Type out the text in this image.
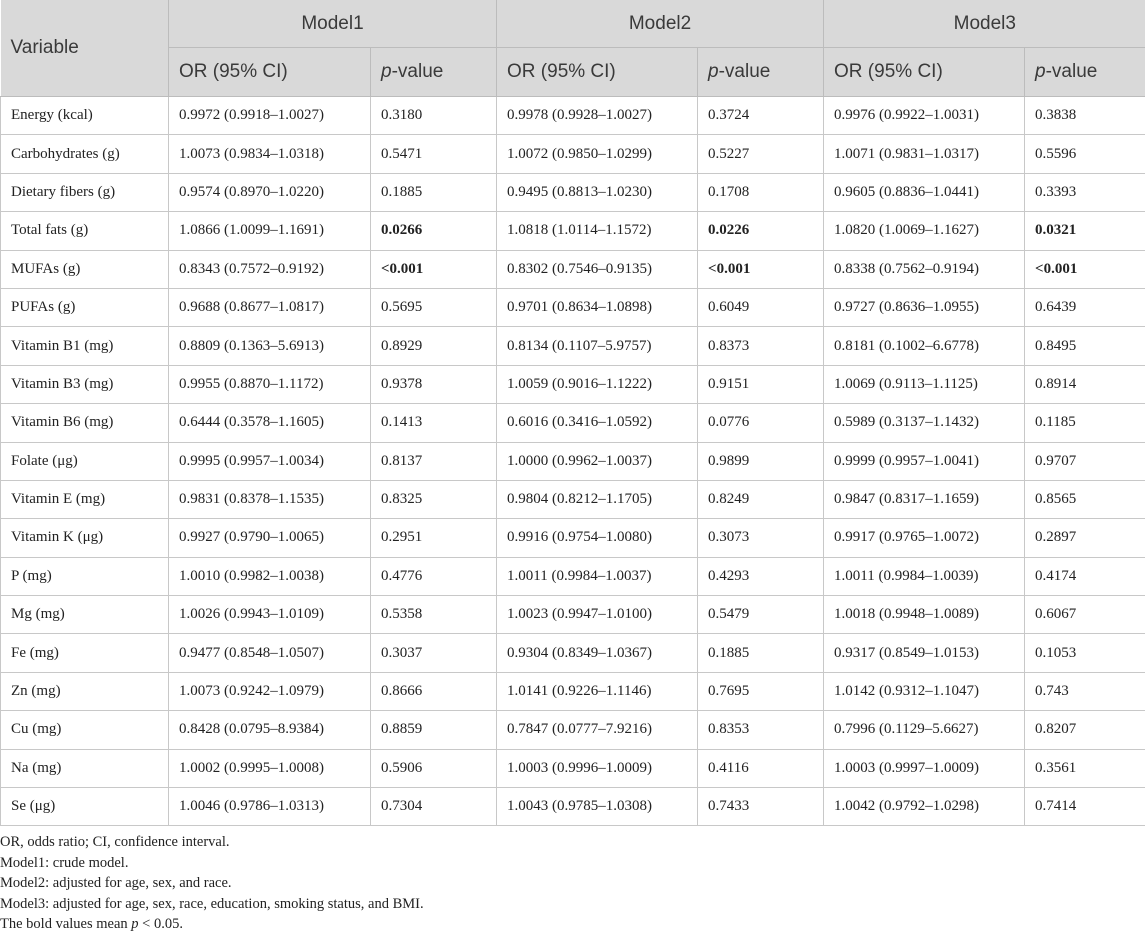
Variable	Model1		Model2		Model3	
	OR (95% CI)	p-value	OR (95% CI)	p-value	OR (95% CI)	p-value
Energy (kcal)	0.9972 (0.9918–1.0027)	0.3180	0.9978 (0.9928–1.0027)	0.3724	0.9976 (0.9922–1.0031)	0.3838
Carbohydrates (g)	1.0073 (0.9834–1.0318)	0.5471	1.0072 (0.9850–1.0299)	0.5227	1.0071 (0.9831–1.0317)	0.5596
Dietary fibers (g)	0.9574 (0.8970–1.0220)	0.1885	0.9495 (0.8813–1.0230)	0.1708	0.9605 (0.8836–1.0441)	0.3393
Total fats (g)	1.0866 (1.0099–1.1691)	0.0266	1.0818 (1.0114–1.1572)	0.0226	1.0820 (1.0069–1.1627)	0.0321
MUFAs (g)	0.8343 (0.7572–0.9192)	<0.001	0.8302 (0.7546–0.9135)	<0.001	0.8338 (0.7562–0.9194)	<0.001
PUFAs (g)	0.9688 (0.8677–1.0817)	0.5695	0.9701 (0.8634–1.0898)	0.6049	0.9727 (0.8636–1.0955)	0.6439
Vitamin B1 (mg)	0.8809 (0.1363–5.6913)	0.8929	0.8134 (0.1107–5.9757)	0.8373	0.8181 (0.1002–6.6778)	0.8495
Vitamin B3 (mg)	0.9955 (0.8870–1.1172)	0.9378	1.0059 (0.9016–1.1222)	0.9151	1.0069 (0.9113–1.1125)	0.8914
Vitamin B6 (mg)	0.6444 (0.3578–1.1605)	0.1413	0.6016 (0.3416–1.0592)	0.0776	0.5989 (0.3137–1.1432)	0.1185
Folate (μg)	0.9995 (0.9957–1.0034)	0.8137	1.0000 (0.9962–1.0037)	0.9899	0.9999 (0.9957–1.0041)	0.9707
Vitamin E (mg)	0.9831 (0.8378–1.1535)	0.8325	0.9804 (0.8212–1.1705)	0.8249	0.9847 (0.8317–1.1659)	0.8565
Vitamin K (μg)	0.9927 (0.9790–1.0065)	0.2951	0.9916 (0.9754–1.0080)	0.3073	0.9917 (0.9765–1.0072)	0.2897
P (mg)	1.0010 (0.9982–1.0038)	0.4776	1.0011 (0.9984–1.0037)	0.4293	1.0011 (0.9984–1.0039)	0.4174
Mg (mg)	1.0026 (0.9943–1.0109)	0.5358	1.0023 (0.9947–1.0100)	0.5479	1.0018 (0.9948–1.0089)	0.6067
Fe (mg)	0.9477 (0.8548–1.0507)	0.3037	0.9304 (0.8349–1.0367)	0.1885	0.9317 (0.8549–1.0153)	0.1053
Zn (mg)	1.0073 (0.9242–1.0979)	0.8666	1.0141 (0.9226–1.1146)	0.7695	1.0142 (0.9312–1.1047)	0.743
Cu (mg)	0.8428 (0.0795–8.9384)	0.8859	0.7847 (0.0777–7.9216)	0.8353	0.7996 (0.1129–5.6627)	0.8207
Na (mg)	1.0002 (0.9995–1.0008)	0.5906	1.0003 (0.9996–1.0009)	0.4116	1.0003 (0.9997–1.0009)	0.3561
Se (μg)	1.0046 (0.9786–1.0313)	0.7304	1.0043 (0.9785–1.0308)	0.7433	1.0042 (0.9792–1.0298)	0.7414
OR, odds ratio; CI, confidence interval.
Model1: crude model.
Model2: adjusted for age, sex, and race.
Model3: adjusted for age, sex, race, education, smoking status, and BMI.
The bold values mean p < 0.05.
